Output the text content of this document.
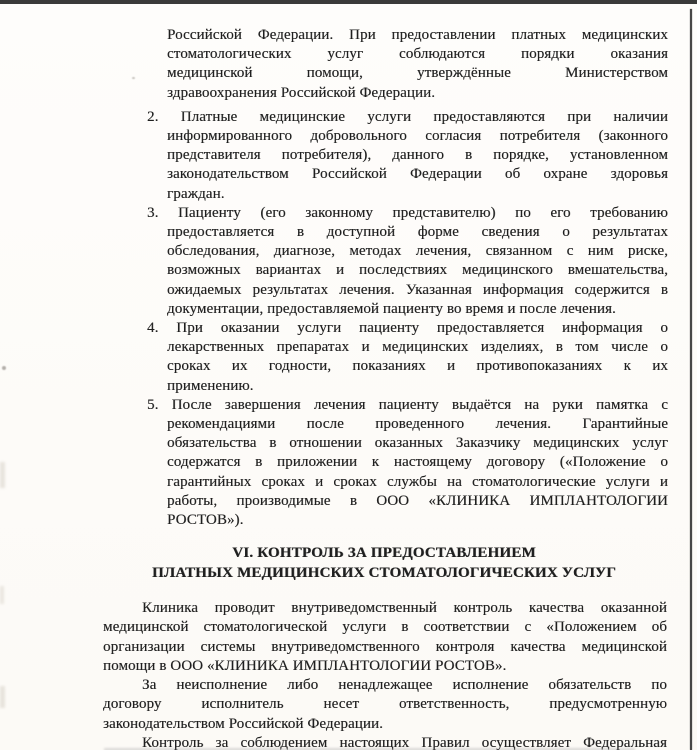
Российской Федерации. При предоставлении платных медицинских
стоматологических услуг соблюдаются порядки оказания
медицинской помощи, утверждённые Министерством
здравоохранения Российской Федерации.
2. Платные медицинские услуги предоставляются при наличии
информированного добровольного согласия потребителя (законного
представителя потребителя), данного в порядке, установленном
законодательством Российской Федерации об охране здоровья
граждан.
3. Пациенту (его законному представителю) по его требованию
предоставляется в доступной форме сведения о результатах
обследования, диагнозе, методах лечения, связанном с ним риске,
возможных вариантах и последствиях медицинского вмешательства,
ожидаемых результатах лечения. Указанная информация содержится в
документации, предоставляемой пациенту во время и после лечения.
4. При оказании услуги пациенту предоставляется информация о
лекарственных препаратах и медицинских изделиях, в том числе о
сроках их годности, показаниях и противопоказаниях к их
применению.
5. После завершения лечения пациенту выдаётся на руки памятка с
рекомендациями после проведенного лечения. Гарантийные
обязательства в отношении оказанных Заказчику медицинских услуг
содержатся в приложении к настоящему договору («Положение о
гарантийных сроках и сроках службы на стоматологические услуги и
работы, производимые в ООО «КЛИНИКА ИМПЛАНТОЛОГИИ
РОСТОВ»).
VI. КОНТРОЛЬ ЗА ПРЕДОСТАВЛЕНИЕМ
ПЛАТНЫХ МЕДИЦИНСКИХ СТОМАТОЛОГИЧЕСКИХ УСЛУГ
Клиника проводит внутриведомственный контроль качества оказанной
медицинской стоматологической услуги в соответствии с «Положением об
организации системы внутриведомственного контроля качества медицинской
помощи в ООО «КЛИНИКА ИМПЛАНТОЛОГИИ РОСТОВ».
За неисполнение либо ненадлежащее исполнение обязательств по
договору исполнитель несет ответственность, предусмотренную
законодательством Российской Федерации.
Контроль за соблюдением настоящих Правил осуществляет Федеральная
